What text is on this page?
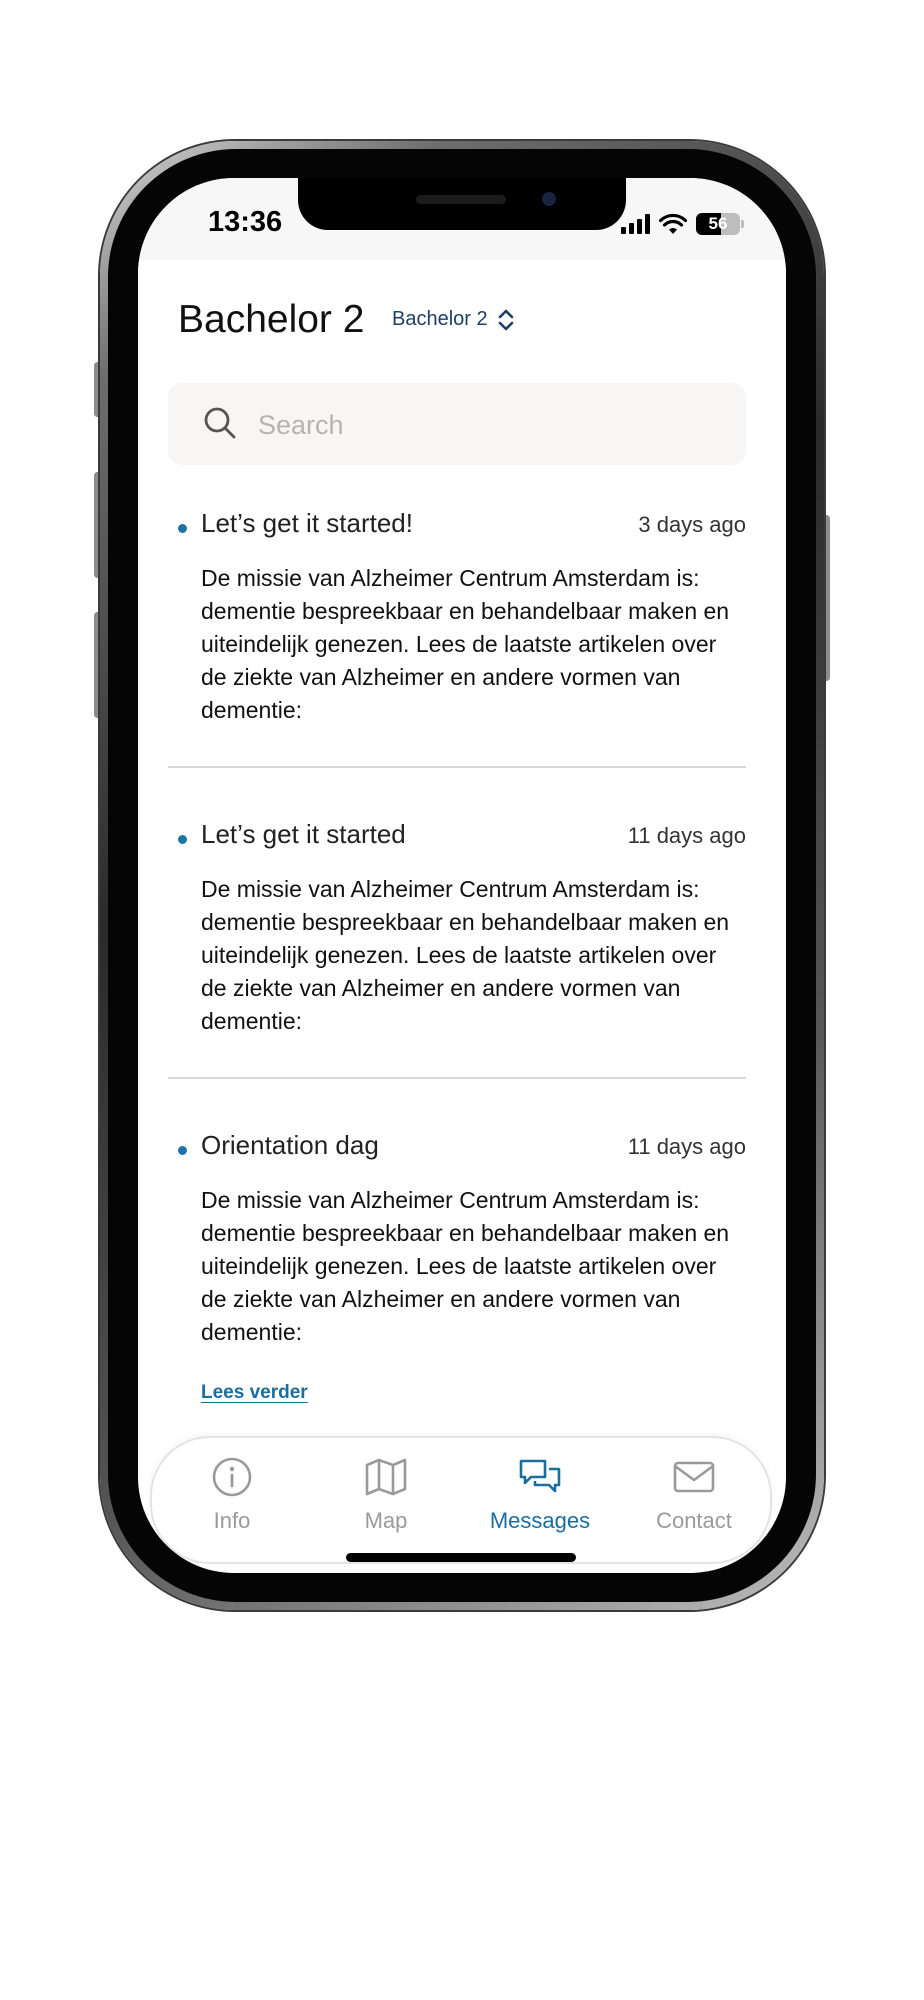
13:36	56
Bachelor 2 Bachelor 2
Search
Let’s get it started!	3 days ago
De missie van Alzheimer Centrum Amsterdam is: dementie bespreekbaar en behandelbaar maken en uiteindelijk genezen. Lees de laatste artikelen over de ziekte van Alzheimer en andere vormen van dementie:
Let’s get it started	11 days ago
De missie van Alzheimer Centrum Amsterdam is: dementie bespreekbaar en behandelbaar maken en uiteindelijk genezen. Lees de laatste artikelen over de ziekte van Alzheimer en andere vormen van dementie:
Orientation dag	11 days ago
De missie van Alzheimer Centrum Amsterdam is: dementie bespreekbaar en behandelbaar maken en uiteindelijk genezen. Lees de laatste artikelen over de ziekte van Alzheimer en andere vormen van dementie:
Lees verder
Info	Map	Messages	Contact
